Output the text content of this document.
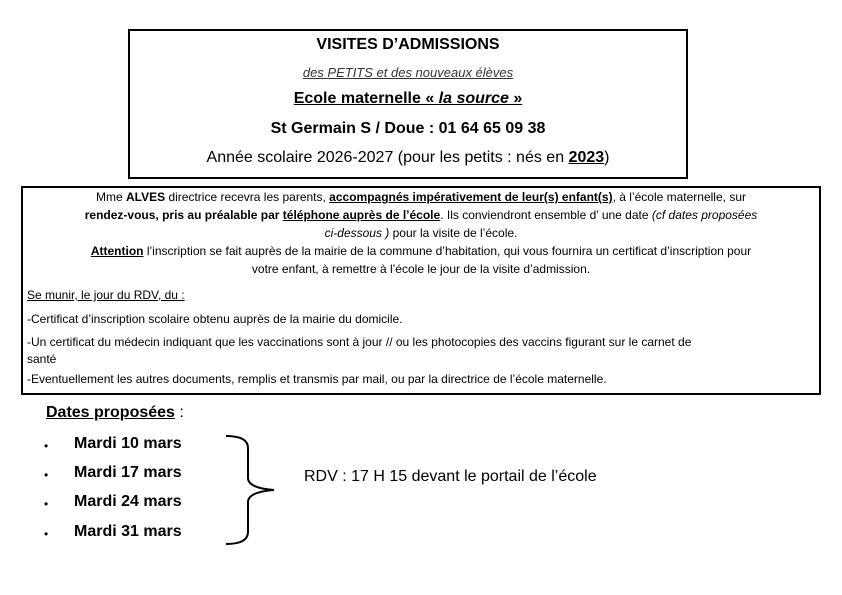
VISITES D’ADMISSIONS
des PETITS et des nouveaux élèves
Ecole maternelle « la source »
St Germain S / Doue : 01 64 65 09 38
Année scolaire 2026-2027 (pour les petits : nés en 2023)
Mme ALVES directrice recevra les parents, accompagnés impérativement de leur(s) enfant(s), à l’école maternelle, sur
rendez-vous, pris au préalable par téléphone auprès de l’école. Ils conviendront ensemble d’ une date (cf dates proposées
ci-dessous ) pour la visite de l’école.
Attention l’inscription se fait auprès de la mairie de la commune d’habitation, qui vous fournira un certificat d’inscription pour
votre enfant, à remettre à l’école le jour de la visite d’admission.
Se munir, le jour du RDV, du :
-Certificat d’inscription scolaire obtenu auprès de la mairie du domicile.
-Un certificat du médecin indiquant que les vaccinations sont à jour // ou les photocopies des vaccins figurant sur le carnet de
santé
-Eventuellement les autres documents, remplis et transmis par mail, ou par la directrice de l’école maternelle.
Dates proposées :
• Mardi 10 mars
• Mardi 17 mars
• Mardi 24 mars
• Mardi 31 mars
RDV : 17 H 15 devant le portail de l’école
